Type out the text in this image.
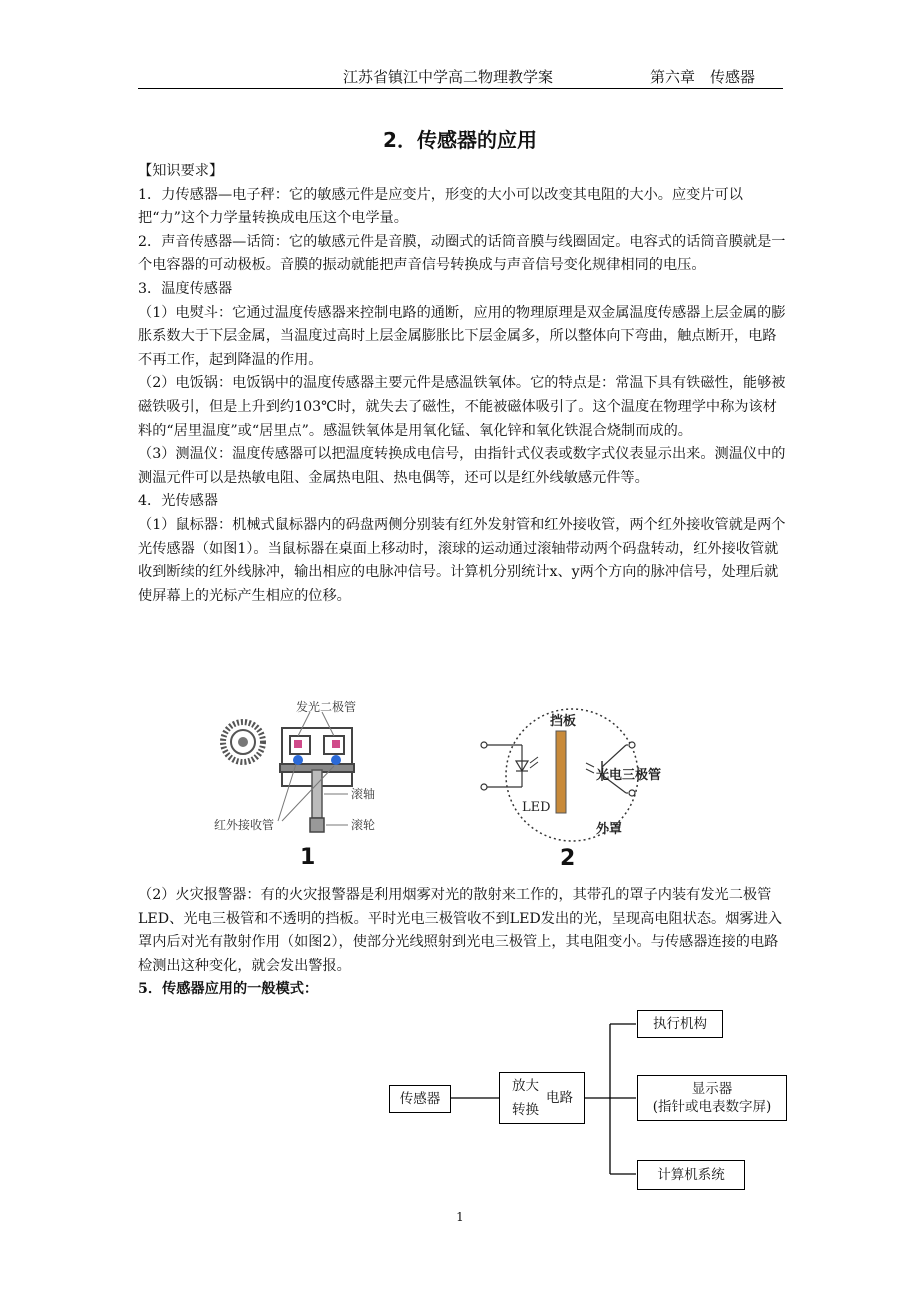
江苏省镇江中学高二物理教学案	第六章　传感器
2．传感器的应用

【知识要求】

1．力传感器—电子秤：它的敏感元件是应变片，形变的大小可以改变其电阻的大小。应变片可以把“力”这个力学量转换成电压这个电学量。

2．声音传感器—话筒：它的敏感元件是音膜，动圈式的话筒音膜与线圈固定。电容式的话筒音膜就是一个电容器的可动极板。音膜的振动就能把声音信号转换成与声音信号变化规律相同的电压。

3．温度传感器

（1）电熨斗：它通过温度传感器来控制电路的通断，应用的物理原理是双金属温度传感器上层金属的膨胀系数大于下层金属，当温度过高时上层金属膨胀比下层金属多，所以整体向下弯曲，触点断开，电路不再工作，起到降温的作用。

（2）电饭锅：电饭锅中的温度传感器主要元件是感温铁氧体。它的特点是：常温下具有铁磁性，能够被磁铁吸引，但是上升到约103℃时，就失去了磁性，不能被磁体吸引了。这个温度在物理学中称为该材料的“居里温度”或“居里点”。感温铁氧体是用氧化锰、氧化锌和氧化铁混合烧制而成的。

（3）测温仪：温度传感器可以把温度转换成电信号，由指针式仪表或数字式仪表显示出来。测温仪中的测温元件可以是热敏电阻、金属热电阻、热电偶等，还可以是红外线敏感元件等。

4．光传感器

（1）鼠标器：机械式鼠标器内的码盘两侧分别装有红外发射管和红外接收管，两个红外接收管就是两个光传感器（如图1）。当鼠标器在桌面上移动时，滚球的运动通过滚轴带动两个码盘转动，红外接收管就收到断续的红外线脉冲，输出相应的电脉冲信号。计算机分别统计x、y两个方向的脉冲信号，处理后就使屏幕上的光标产生相应的位移。

发光二极管
滚轴
红外接收管	滚轮
1
挡板
LED
光电三极管
外罩
2

（2）火灾报警器：有的火灾报警器是利用烟雾对光的散射来工作的，其带孔的罩子内装有发光二极管LED、光电三极管和不透明的挡板。平时光电三极管收不到LED发出的光，呈现高电阻状态。烟雾进入罩内后对光有散射作用（如图2），使部分光线照射到光电三极管上，其电阻变小。与传感器连接的电路检测出这种变化，就会发出警报。

5．传感器应用的一般模式：

传感器
放大
电路
转换
执行机构
显示器
(指针或电表数字屏)
计算机系统
1
